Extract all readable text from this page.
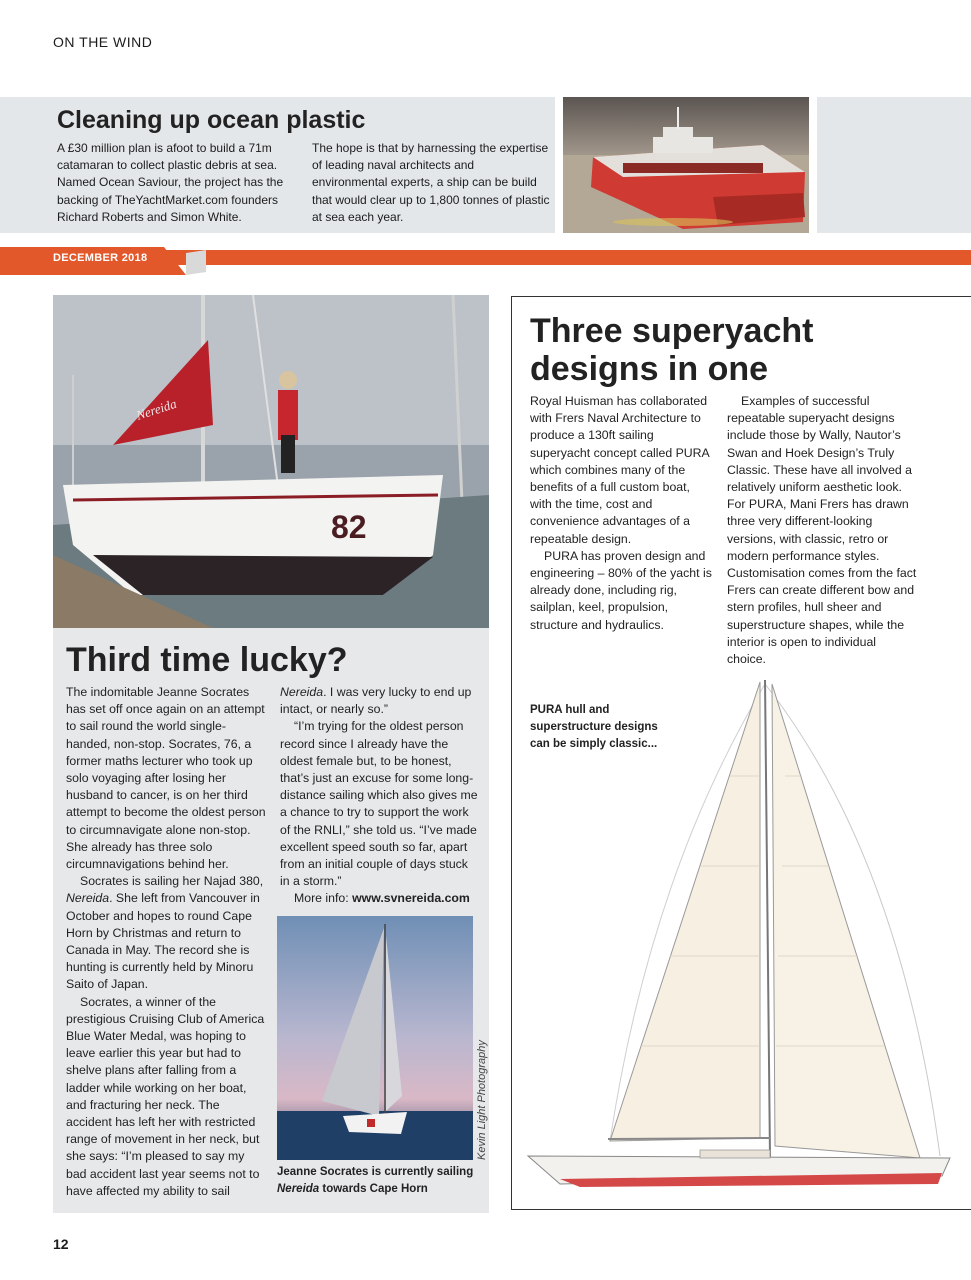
ON THE WIND
Cleaning up ocean plastic
A £30 million plan is afoot to build a 71m catamaran to collect plastic debris at sea. Named Ocean Saviour, the project has the backing of TheYachtMarket.com founders Richard Roberts and Simon White.
The hope is that by harnessing the expertise of leading naval architects and environmental experts, a ship can be build that would clear up to 1,800 tonnes of plastic at sea each year.
DECEMBER 2018
82
Nereida
Third time lucky?

The indomitable Jeanne Socrates has set off once again on an attempt to sail round the world single-handed, non-stop. Socrates, 76, a former maths lecturer who took up solo voyaging after losing her husband to cancer, is on her third attempt to become the oldest person to circumnavigate alone non-stop. She already has three solo circumnavigations behind her.

Socrates is sailing her Najad 380, Nereida. She left from Vancouver in October and hopes to round Cape Horn by Christmas and return to Canada in May. The record she is hunting is currently held by Minoru Saito of Japan.

Socrates, a winner of the prestigious Cruising Club of America Blue Water Medal, was hoping to leave earlier this year but had to shelve plans after falling from a ladder while working on her boat, and fracturing her neck. The accident has left her with restricted range of movement in her neck, but she says: “I’m pleased to say my bad accident last year seems not to have affected my ability to sail

Nereida. I was very lucky to end up intact, or nearly so.”

“I’m trying for the oldest person record since I already have the oldest female but, to be honest, that’s just an excuse for some long-distance sailing which also gives me a chance to try to support the work of the RNLI,” she told us. “I’ve made excellent speed south so far, apart from an initial couple of days stuck in a storm.”

More info: www.svnereida.com

Kevin Light Photography
Jeanne Socrates is currently sailing Nereida towards Cape Horn
Three superyacht designs in one

Royal Huisman has collaborated with Frers Naval Architecture to produce a 130ft sailing superyacht concept called PURA which combines many of the benefits of a full custom boat, with the time, cost and convenience advantages of a repeatable design.

PURA has proven design and engineering – 80% of the yacht is already done, including rig, sailplan, keel, propulsion, structure and hydraulics.

Examples of successful repeatable superyacht designs include those by Wally, Nautor’s Swan and Hoek Design’s Truly Classic. These have all involved a relatively uniform aesthetic look. For PURA, Mani Frers has drawn three very different-looking versions, with classic, retro or modern performance styles. Customisation comes from the fact Frers can create different bow and stern profiles, hull sheer and superstructure shapes, while the interior is open to individual choice.

PURA hull and superstructure designs can be simply classic...
12
